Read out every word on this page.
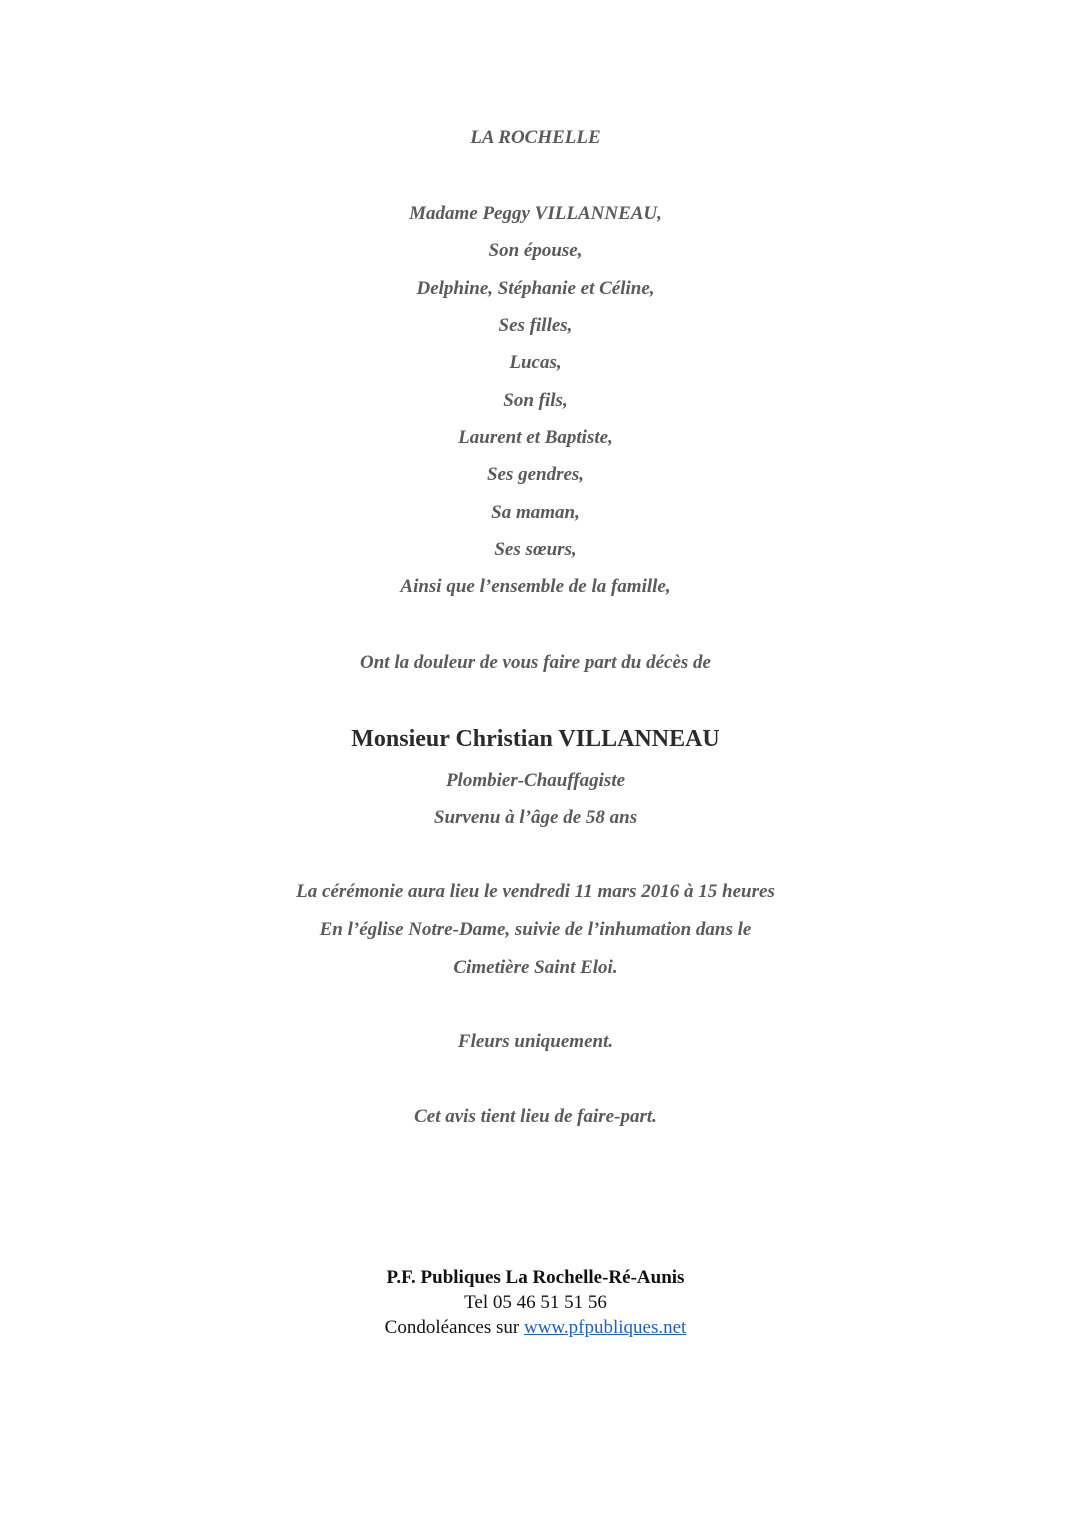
LA ROCHELLE
Madame Peggy VILLANNEAU,
Son épouse,
Delphine, Stéphanie et Céline,
Ses filles,
Lucas,
Son fils,
Laurent et Baptiste,
Ses gendres,
Sa maman,
Ses sœurs,
Ainsi que l’ensemble de la famille,
Ont la douleur de vous faire part du décès de
Monsieur Christian VILLANNEAU
Plombier-Chauffagiste
Survenu à l’âge de 58 ans
La cérémonie aura lieu le vendredi 11 mars 2016 à 15 heures
En l’église Notre-Dame, suivie de l’inhumation dans le
Cimetière Saint Eloi.
Fleurs uniquement.
Cet avis tient lieu de faire-part.
P.F. Publiques La Rochelle-Ré-Aunis
Tel 05 46 51 51 56
Condoléances sur www.pfpubliques.net
